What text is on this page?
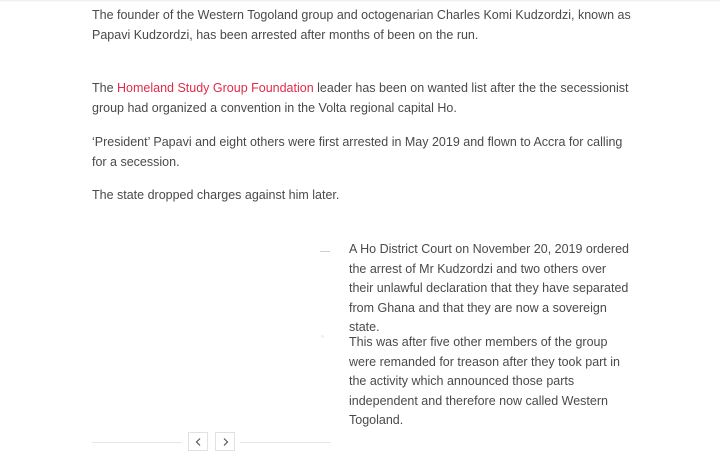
The founder of the Western Togoland group and octogenarian Charles Komi Kudzordzi, known as Papavi Kudzordzi, has been arrested after months of been on the run.

The Homeland Study Group Foundation leader has been on wanted list after the the secessionist group had organized a convention in the Volta regional capital Ho.

‘President’ Papavi and eight others were first arrested in May 2019 and flown to Accra for calling for a secession.

The state dropped charges against him later.

A Ho District Court on November 20, 2019 ordered the arrest of Mr Kudzordzi and two others over their unlawful declaration that they have separated from Ghana and that they are now a sovereign state.

This was after five other members of the group were remanded for treason after they took part in the activity which announced those parts independent and therefore now called Western Togoland.
